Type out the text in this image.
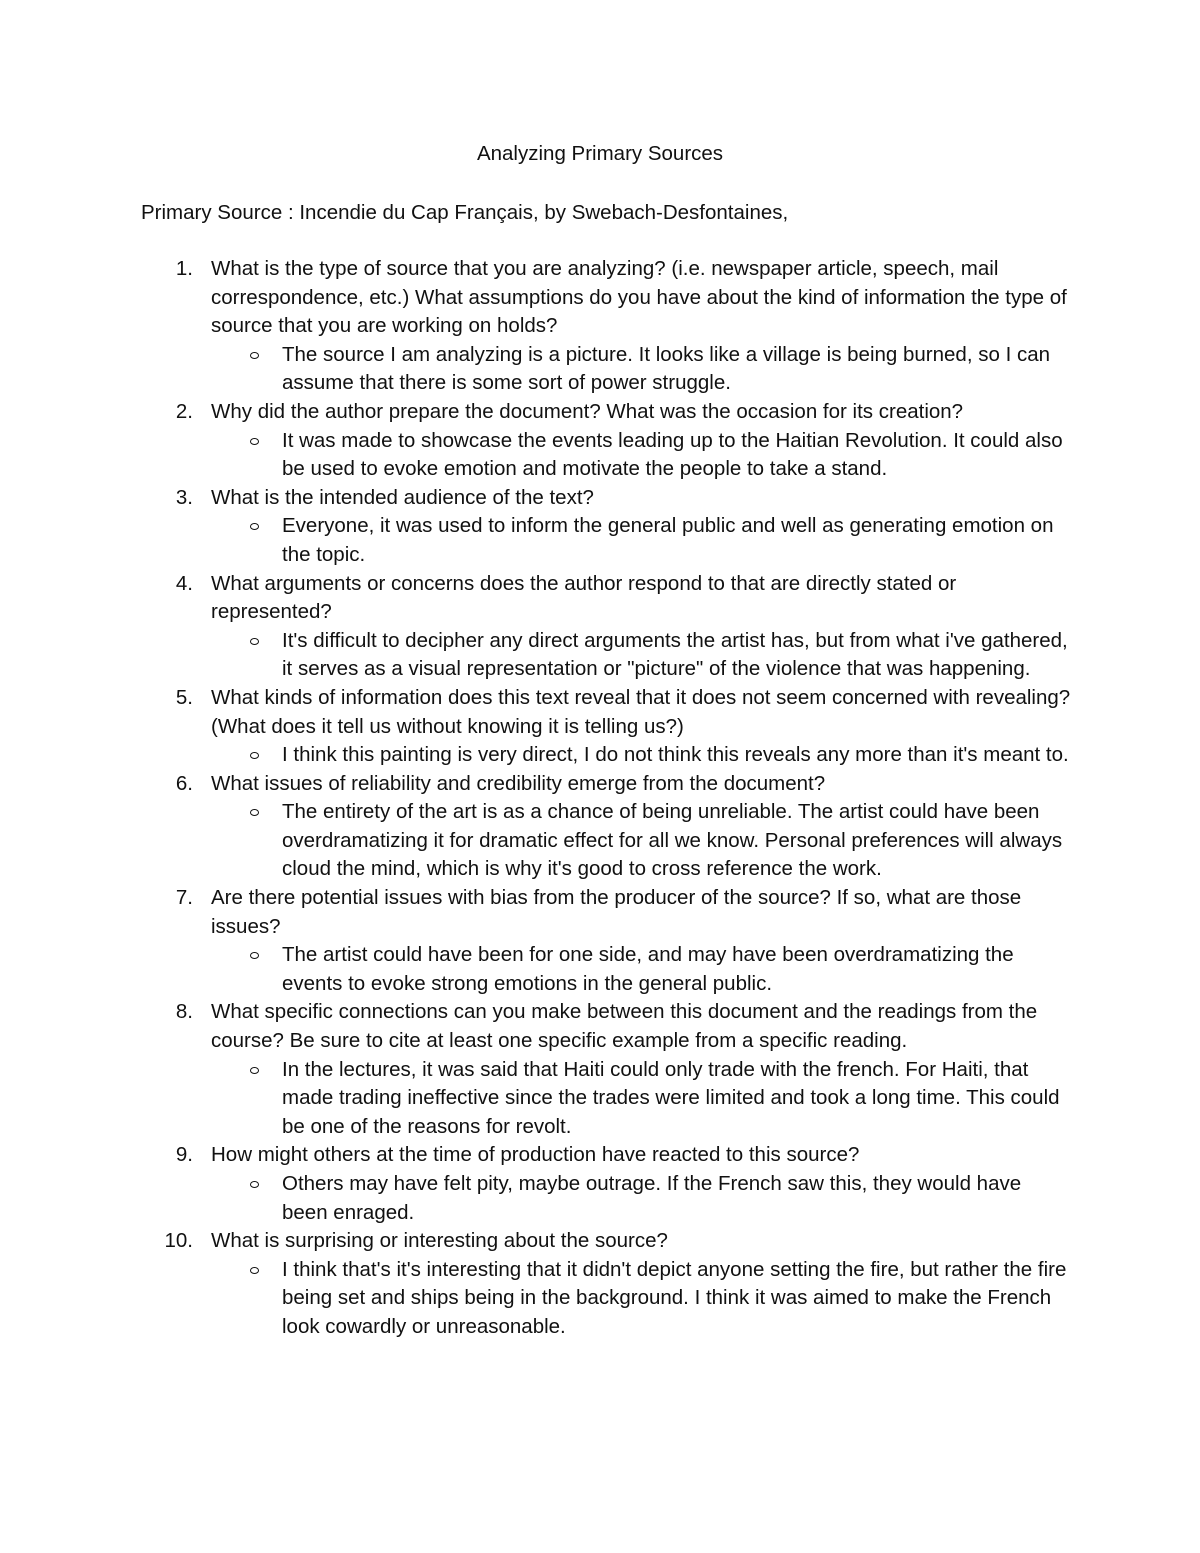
Analyzing Primary Sources

Primary Source : Incendie du Cap Français, by Swebach-Desfontaines,

1. What is the type of source that you are analyzing? (i.e. newspaper article, speech, mail correspondence, etc.) What assumptions do you have about the kind of information the type of source that you are working on holds?
The source I am analyzing is a picture. It looks like a village is being burned, so I can assume that there is some sort of power struggle.
2. Why did the author prepare the document? What was the occasion for its creation?
It was made to showcase the events leading up to the Haitian Revolution. It could also be used to evoke emotion and motivate the people to take a stand.
3. What is the intended audience of the text?
Everyone, it was used to inform the general public and well as generating emotion on the topic.
4. What arguments or concerns does the author respond to that are directly stated or represented?
It's difficult to decipher any direct arguments the artist has, but from what i've gathered, it serves as a visual representation or "picture" of the violence that was happening.
5. What kinds of information does this text reveal that it does not seem concerned with revealing? (What does it tell us without knowing it is telling us?)
I think this painting is very direct, I do not think this reveals any more than it's meant to.
6. What issues of reliability and credibility emerge from the document?
The entirety of the art is as a chance of being unreliable. The artist could have been overdramatizing it for dramatic effect for all we know. Personal preferences will always cloud the mind, which is why it's good to cross reference the work.
7. Are there potential issues with bias from the producer of the source? If so, what are those issues?
The artist could have been for one side, and may have been overdramatizing the events to evoke strong emotions in the general public.
8. What specific connections can you make between this document and the readings from the course? Be sure to cite at least one specific example from a specific reading.
In the lectures, it was said that Haiti could only trade with the french. For Haiti, that made trading ineffective since the trades were limited and took a long time. This could be one of the reasons for revolt.
9. How might others at the time of production have reacted to this source?
Others may have felt pity, maybe outrage. If the French saw this, they would have been enraged.
10. What is surprising or interesting about the source?
I think that's it's interesting that it didn't depict anyone setting the fire, but rather the fire being set and ships being in the background. I think it was aimed to make the French look cowardly or unreasonable.
